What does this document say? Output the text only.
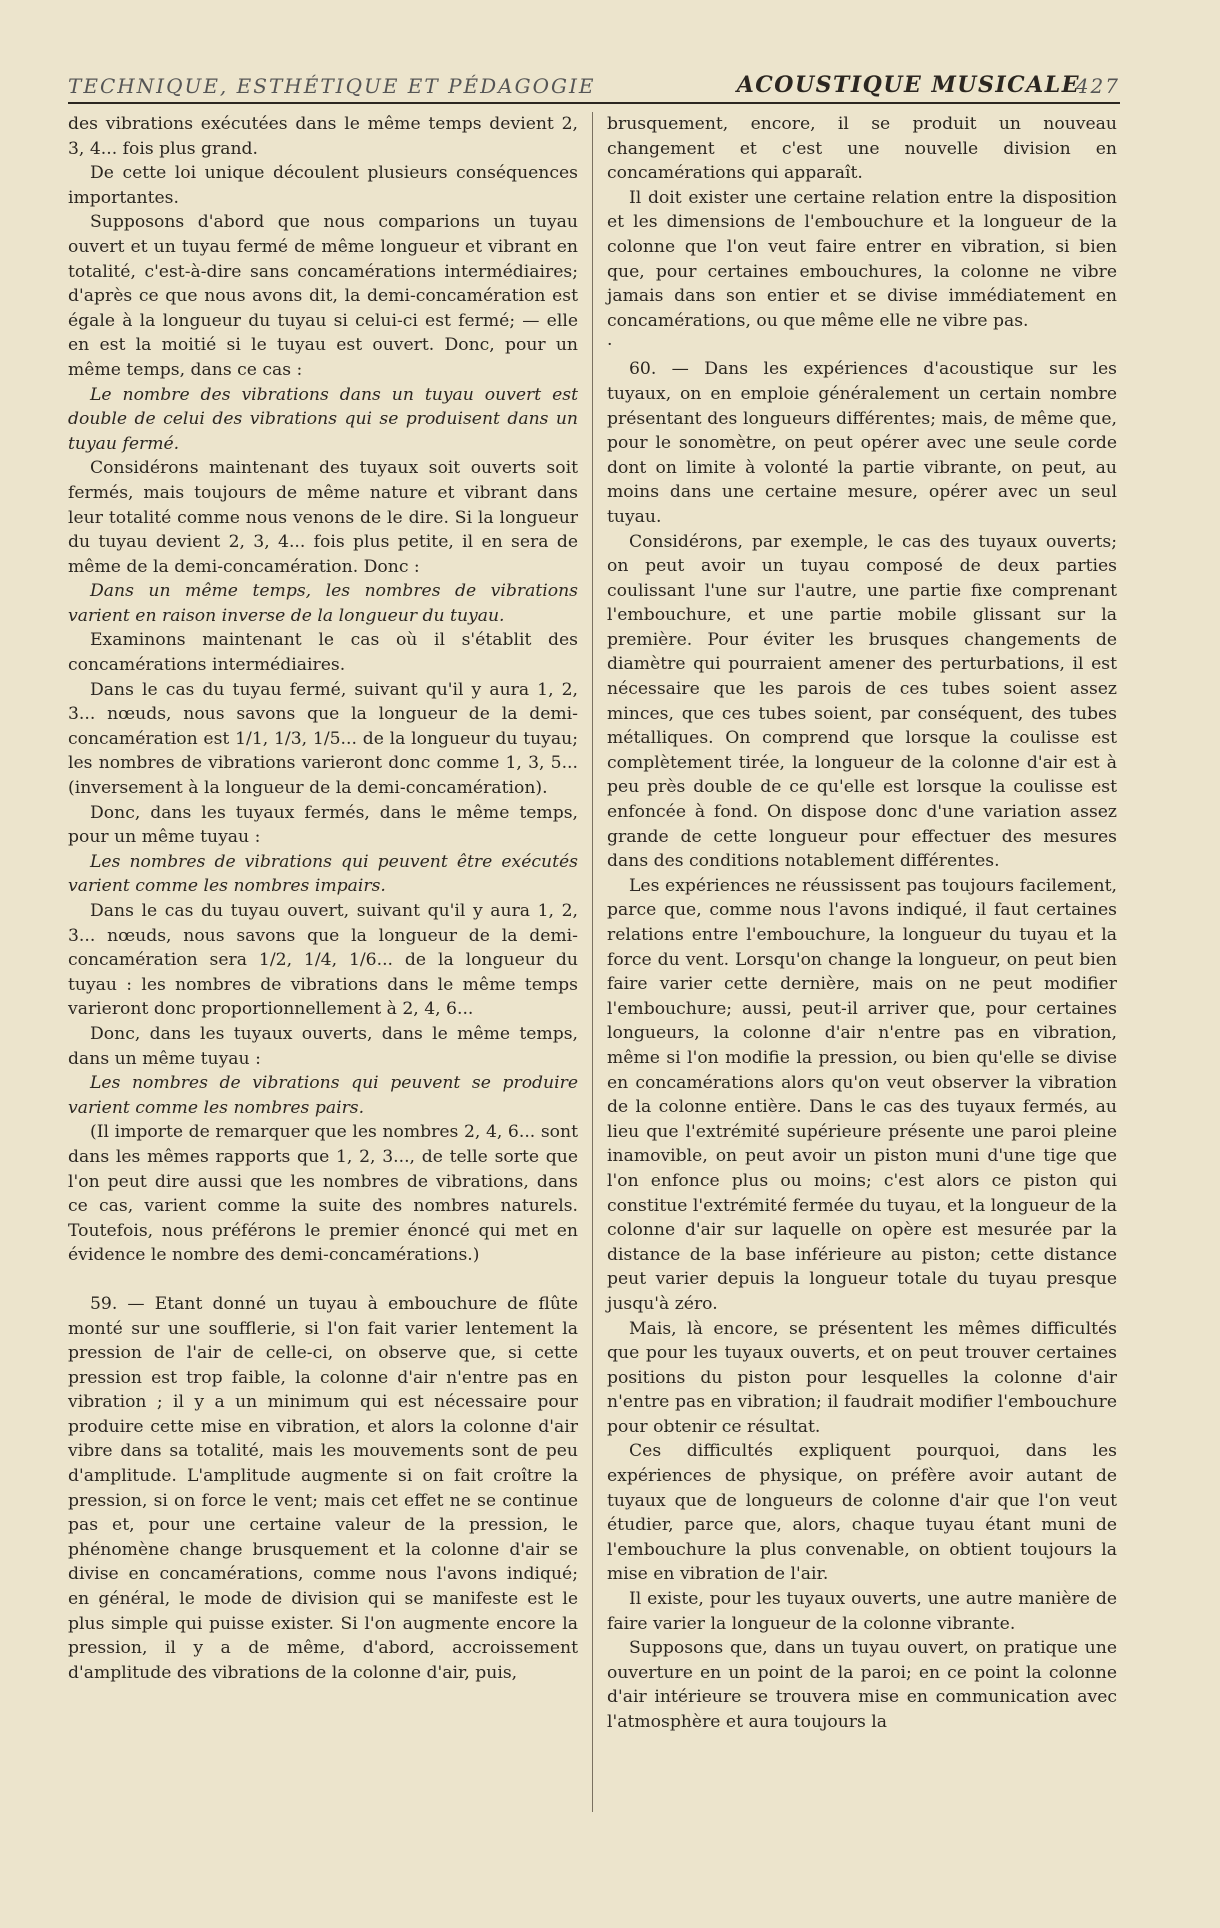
TECHNIQUE, ESTHÉTIQUE ET PÉDAGOGIE	ACOUSTIQUE MUSICALE
427

des vibrations exécutées dans le même temps devient 2, 3, 4... fois plus grand.

De cette loi unique découlent plusieurs conséquences importantes.

Supposons d'abord que nous comparions un tuyau ouvert et un tuyau fermé de même longueur et vibrant en totalité, c'est-à-dire sans concamérations intermédiaires; d'après ce que nous avons dit, la demi-concamération est égale à la longueur du tuyau si celui-ci est fermé; — elle en est la moitié si le tuyau est ouvert. Donc, pour un même temps, dans ce cas :

Le nombre des vibrations dans un tuyau ouvert est double de celui des vibrations qui se produisent dans un tuyau fermé.

Considérons maintenant des tuyaux soit ouverts soit fermés, mais toujours de même nature et vibrant dans leur totalité comme nous venons de le dire. Si la longueur du tuyau devient 2, 3, 4... fois plus petite, il en sera de même de la demi-concamération. Donc :

Dans un même temps, les nombres de vibrations varient en raison inverse de la longueur du tuyau.

Examinons maintenant le cas où il s'établit des concamérations intermédiaires.

Dans le cas du tuyau fermé, suivant qu'il y aura 1, 2, 3... nœuds, nous savons que la longueur de la demi-concamération est 1/1, 1/3, 1/5... de la longueur du tuyau; les nombres de vibrations varieront donc comme 1, 3, 5... (inversement à la longueur de la demi-concamération).

Donc, dans les tuyaux fermés, dans le même temps, pour un même tuyau :

Les nombres de vibrations qui peuvent être exécutés varient comme les nombres impairs.

Dans le cas du tuyau ouvert, suivant qu'il y aura 1, 2, 3... nœuds, nous savons que la longueur de la demi-concamération sera 1/2, 1/4, 1/6... de la longueur du tuyau : les nombres de vibrations dans le même temps varieront donc proportionnellement à 2, 4, 6...

Donc, dans les tuyaux ouverts, dans le même temps, dans un même tuyau :

Les nombres de vibrations qui peuvent se produire varient comme les nombres pairs.

(Il importe de remarquer que les nombres 2, 4, 6... sont dans les mêmes rapports que 1, 2, 3..., de telle sorte que l'on peut dire aussi que les nombres de vibrations, dans ce cas, varient comme la suite des nombres naturels. Toutefois, nous préférons le premier énoncé qui met en évidence le nombre des demi-concamérations.)

59. — Etant donné un tuyau à embouchure de flûte monté sur une soufflerie, si l'on fait varier lentement la pression de l'air de celle-ci, on observe que, si cette pression est trop faible, la colonne d'air n'entre pas en vibration ; il y a un minimum qui est nécessaire pour produire cette mise en vibration, et alors la colonne d'air vibre dans sa totalité, mais les mouvements sont de peu d'amplitude. L'amplitude augmente si on fait croître la pression, si on force le vent; mais cet effet ne se continue pas et, pour une certaine valeur de la pression, le phénomène change brusquement et la colonne d'air se divise en concamérations, comme nous l'avons indiqué; en général, le mode de division qui se manifeste est le plus simple qui puisse exister. Si l'on augmente encore la pression, il y a de même, d'abord, accroissement d'amplitude des vibrations de la colonne d'air, puis,

brusquement, encore, il se produit un nouveau changement et c'est une nouvelle division en concamérations qui apparaît.

Il doit exister une certaine relation entre la disposition et les dimensions de l'embouchure et la longueur de la colonne que l'on veut faire entrer en vibration, si bien que, pour certaines embouchures, la colonne ne vibre jamais dans son entier et se divise immédiatement en concamérations, ou que même elle ne vibre pas.

·

60. — Dans les expériences d'acoustique sur les tuyaux, on en emploie généralement un certain nombre présentant des longueurs différentes; mais, de même que, pour le sonomètre, on peut opérer avec une seule corde dont on limite à volonté la partie vibrante, on peut, au moins dans une certaine mesure, opérer avec un seul tuyau.

Considérons, par exemple, le cas des tuyaux ouverts; on peut avoir un tuyau composé de deux parties coulissant l'une sur l'autre, une partie fixe comprenant l'embouchure, et une partie mobile glissant sur la première. Pour éviter les brusques changements de diamètre qui pourraient amener des perturbations, il est nécessaire que les parois de ces tubes soient assez minces, que ces tubes soient, par conséquent, des tubes métalliques. On comprend que lorsque la coulisse est complètement tirée, la longueur de la colonne d'air est à peu près double de ce qu'elle est lorsque la coulisse est enfoncée à fond. On dispose donc d'une variation assez grande de cette longueur pour effectuer des mesures dans des conditions notablement différentes.

Les expériences ne réussissent pas toujours facilement, parce que, comme nous l'avons indiqué, il faut certaines relations entre l'embouchure, la longueur du tuyau et la force du vent. Lorsqu'on change la longueur, on peut bien faire varier cette dernière, mais on ne peut modifier l'embouchure; aussi, peut-il arriver que, pour certaines longueurs, la colonne d'air n'entre pas en vibration, même si l'on modifie la pression, ou bien qu'elle se divise en concamérations alors qu'on veut observer la vibration de la colonne entière. Dans le cas des tuyaux fermés, au lieu que l'extrémité supérieure présente une paroi pleine inamovible, on peut avoir un piston muni d'une tige que l'on enfonce plus ou moins; c'est alors ce piston qui constitue l'extrémité fermée du tuyau, et la longueur de la colonne d'air sur laquelle on opère est mesurée par la distance de la base inférieure au piston; cette distance peut varier depuis la longueur totale du tuyau presque jusqu'à zéro.

Mais, là encore, se présentent les mêmes difficultés que pour les tuyaux ouverts, et on peut trouver certaines positions du piston pour lesquelles la colonne d'air n'entre pas en vibration; il faudrait modifier l'embouchure pour obtenir ce résultat.

Ces difficultés expliquent pourquoi, dans les expériences de physique, on préfère avoir autant de tuyaux que de longueurs de colonne d'air que l'on veut étudier, parce que, alors, chaque tuyau étant muni de l'embouchure la plus convenable, on obtient toujours la mise en vibration de l'air.

Il existe, pour les tuyaux ouverts, une autre manière de faire varier la longueur de la colonne vibrante.

Supposons que, dans un tuyau ouvert, on pratique une ouverture en un point de la paroi; en ce point la colonne d'air intérieure se trouvera mise en communication avec l'atmosphère et aura toujours la
